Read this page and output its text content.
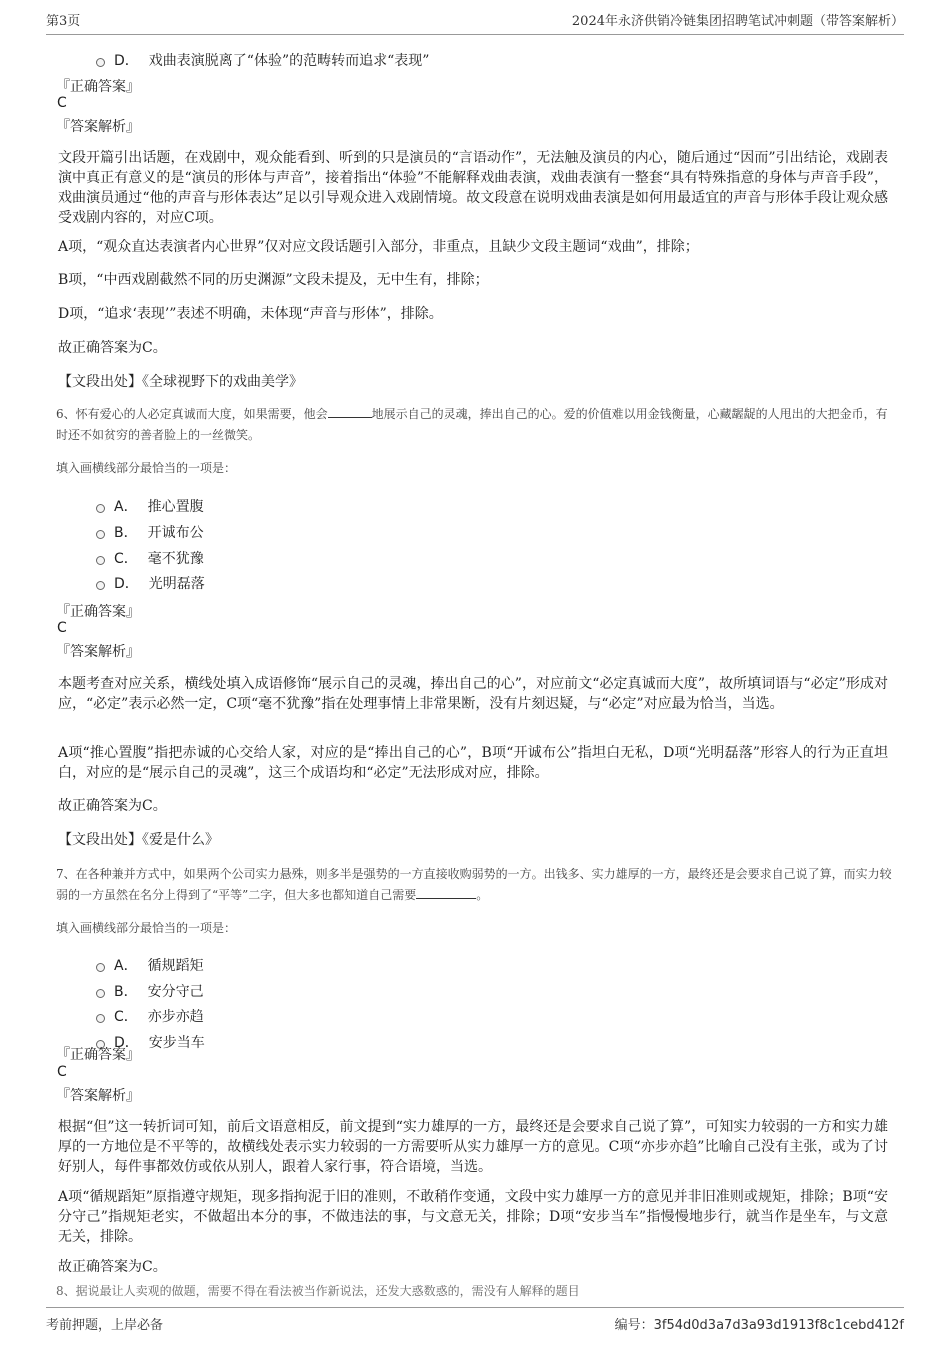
第3页	2024年永济供销冷链集团招聘笔试冲刺题（带答案解析）
D． 戏曲表演脱离了“体验”的范畴转而追求“表现”
『正确答案』
C
『答案解析』
文段开篇引出话题，在戏剧中，观众能看到、听到的只是演员的“言语动作”，无法触及演员的内心，随后通过“因而”引出结论，戏剧表演中真正有意义的是“演员的形体与声音”，接着指出“体验”不能解释戏曲表演，戏曲表演有一整套“具有特殊指意的身体与声音手段”，戏曲演员通过“他的声音与形体表达”足以引导观众进入戏剧情境。故文段意在说明戏曲表演是如何用最适宜的声音与形体手段让观众感受戏剧内容的，对应C项。
A项，“观众直达表演者内心世界”仅对应文段话题引入部分，非重点，且缺少文段主题词“戏曲”，排除；
B项，“中西戏剧截然不同的历史渊源”文段未提及，无中生有，排除；
D项，“追求‘表现’”表述不明确，未体现“声音与形体”，排除。
故正确答案为C。
【文段出处】《全球视野下的戏曲美学》
6、怀有爱心的人必定真诚而大度，如果需要，他会	地展示自己的灵魂，捧出自己的心。爱的价值难以用金钱衡量，心藏龌龊的人甩出的大把金币，有时还不如贫穷的善者脸上的一丝微笑。
填入画横线部分最恰当的一项是：
A． 推心置腹
B． 开诚布公
C． 毫不犹豫
D． 光明磊落
『正确答案』
C
『答案解析』
本题考查对应关系，横线处填入成语修饰“展示自己的灵魂，捧出自己的心”，对应前文“必定真诚而大度”，故所填词语与“必定”形成对应，“必定”表示必然一定，C项“毫不犹豫”指在处理事情上非常果断，没有片刻迟疑，与“必定”对应最为恰当，当选。
A项“推心置腹”指把赤诚的心交给人家，对应的是“捧出自己的心”，B项“开诚布公”指坦白无私，D项“光明磊落”形容人的行为正直坦白，对应的是“展示自己的灵魂”，这三个成语均和“必定”无法形成对应，排除。
故正确答案为C。
【文段出处】《爱是什么》
7、在各种兼并方式中，如果两个公司实力悬殊，则多半是强势的一方直接收购弱势的一方。出钱多、实力雄厚的一方，最终还是会要求自己说了算，而实力较弱的一方虽然在名分上得到了“平等”二字，但大多也都知道自己需要	。
填入画横线部分最恰当的一项是：
A． 循规蹈矩
B． 安分守己
C． 亦步亦趋
D． 安步当车
『正确答案』
C
『答案解析』
根据“但”这一转折词可知，前后文语意相反，前文提到“实力雄厚的一方，最终还是会要求自己说了算”，可知实力较弱的一方和实力雄厚的一方地位是不平等的，故横线处表示实力较弱的一方需要听从实力雄厚一方的意见。C项“亦步亦趋”比喻自己没有主张，或为了讨好别人，每件事都效仿或依从别人，跟着人家行事，符合语境，当选。
A项“循规蹈矩”原指遵守规矩，现多指拘泥于旧的准则，不敢稍作变通，文段中实力雄厚一方的意见并非旧准则或规矩，排除；B项“安分守己”指规矩老实，不做超出本分的事，不做违法的事，与文意无关，排除；D项“安步当车”指慢慢地步行，就当作是坐车，与文意无关，排除。
故正确答案为C。
8、据说最让人卖观的做题，需要不得在看法被当作新说法，还发大惑数惑的，需没有人解释的题目
考前押题，上岸必备	编号：3f54d0d3a7d3a93d1913f8c1cebd412f
